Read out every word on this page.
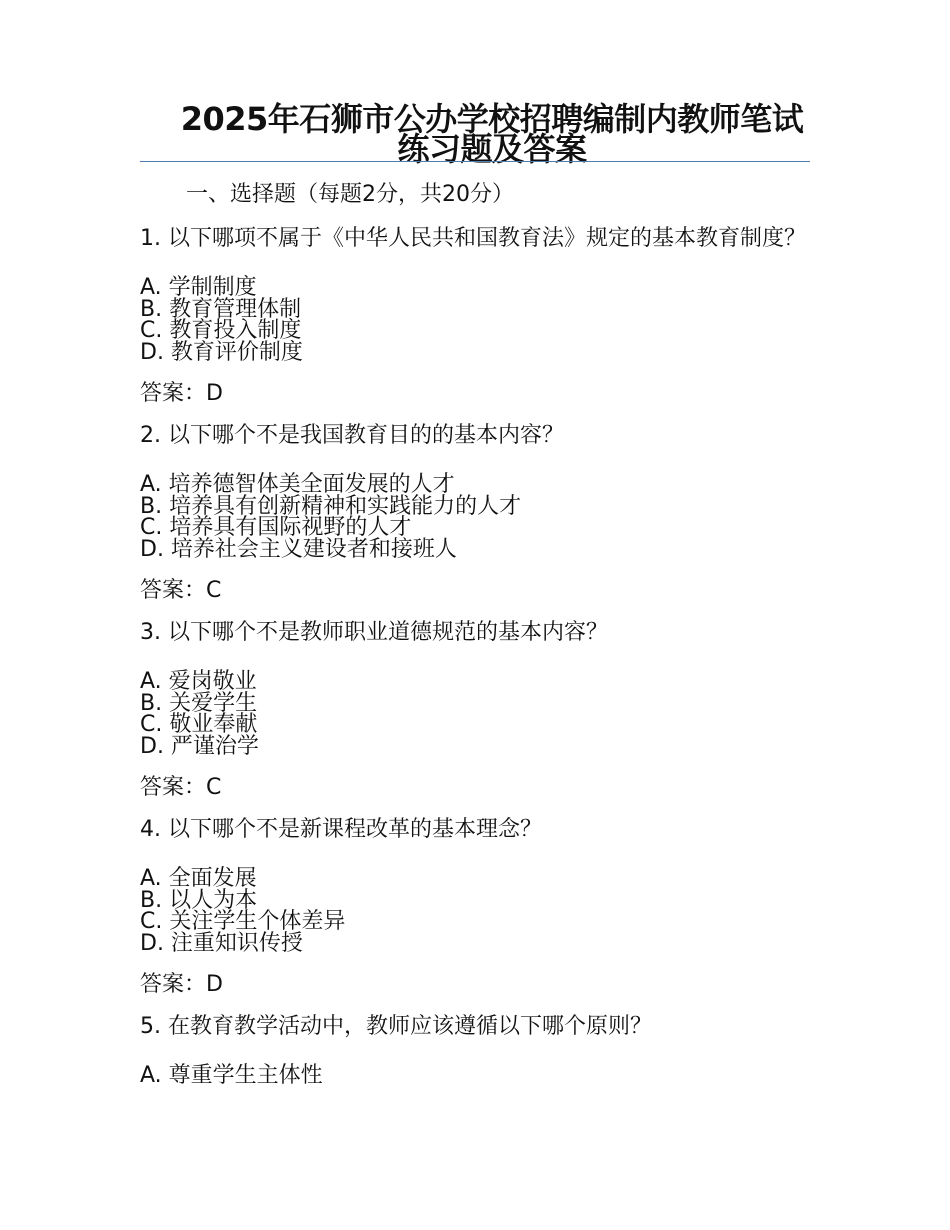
2025年石狮市公办学校招聘编制内教师笔试练习题及答案
一、选择题（每题2分，共20分）

1. 以下哪项不属于《中华人民共和国教育法》规定的基本教育制度？

A. 学制制度
B. 教育管理体制
C. 教育投入制度
D. 教育评价制度
答案：D

2. 以下哪个不是我国教育目的的基本内容？

A. 培养德智体美全面发展的人才
B. 培养具有创新精神和实践能力的人才
C. 培养具有国际视野的人才
D. 培养社会主义建设者和接班人
答案：C

3. 以下哪个不是教师职业道德规范的基本内容？

A. 爱岗敬业
B. 关爱学生
C. 敬业奉献
D. 严谨治学
答案：C

4. 以下哪个不是新课程改革的基本理念？

A. 全面发展
B. 以人为本
C. 关注学生个体差异
D. 注重知识传授
答案：D

5. 在教育教学活动中，教师应该遵循以下哪个原则？

A. 尊重学生主体性
